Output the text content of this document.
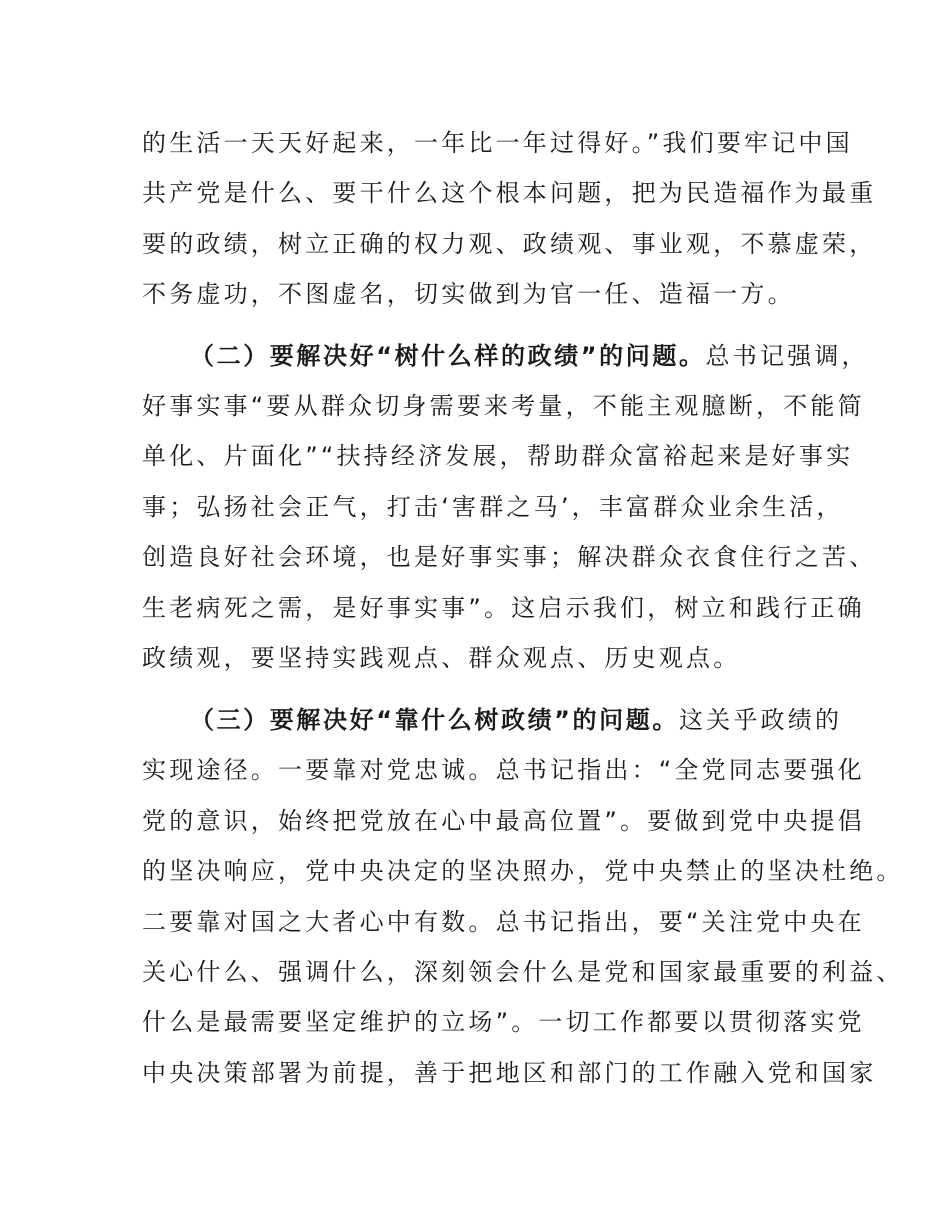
的生活一天天好起来，一年比一年过得好。”我们要牢记中国
共产党是什么、要干什么这个根本问题，把为民造福作为最重
要的政绩，树立正确的权力观、政绩观、事业观，不慕虚荣，
不务虚功，不图虚名，切实做到为官一任、造福一方。
（二）要解决好“树什么样的政绩”的问题。总书记强调，
好事实事“要从群众切身需要来考量，不能主观臆断，不能简
单化、片面化”“扶持经济发展，帮助群众富裕起来是好事实
事；弘扬社会正气，打击‘害群之马’，丰富群众业余生活，
创造良好社会环境，也是好事实事；解决群众衣食住行之苦、
生老病死之需，是好事实事”。这启示我们，树立和践行正确
政绩观，要坚持实践观点、群众观点、历史观点。
（三）要解决好“靠什么树政绩”的问题。这关乎政绩的
实现途径。一要靠对党忠诚。总书记指出：“全党同志要强化
党的意识，始终把党放在心中最高位置”。要做到党中央提倡
的坚决响应，党中央决定的坚决照办，党中央禁止的坚决杜绝。
二要靠对国之大者心中有数。总书记指出，要“关注党中央在
关心什么、强调什么，深刻领会什么是党和国家最重要的利益、
什么是最需要坚定维护的立场”。一切工作都要以贯彻落实党
中央决策部署为前提，善于把地区和部门的工作融入党和国家
